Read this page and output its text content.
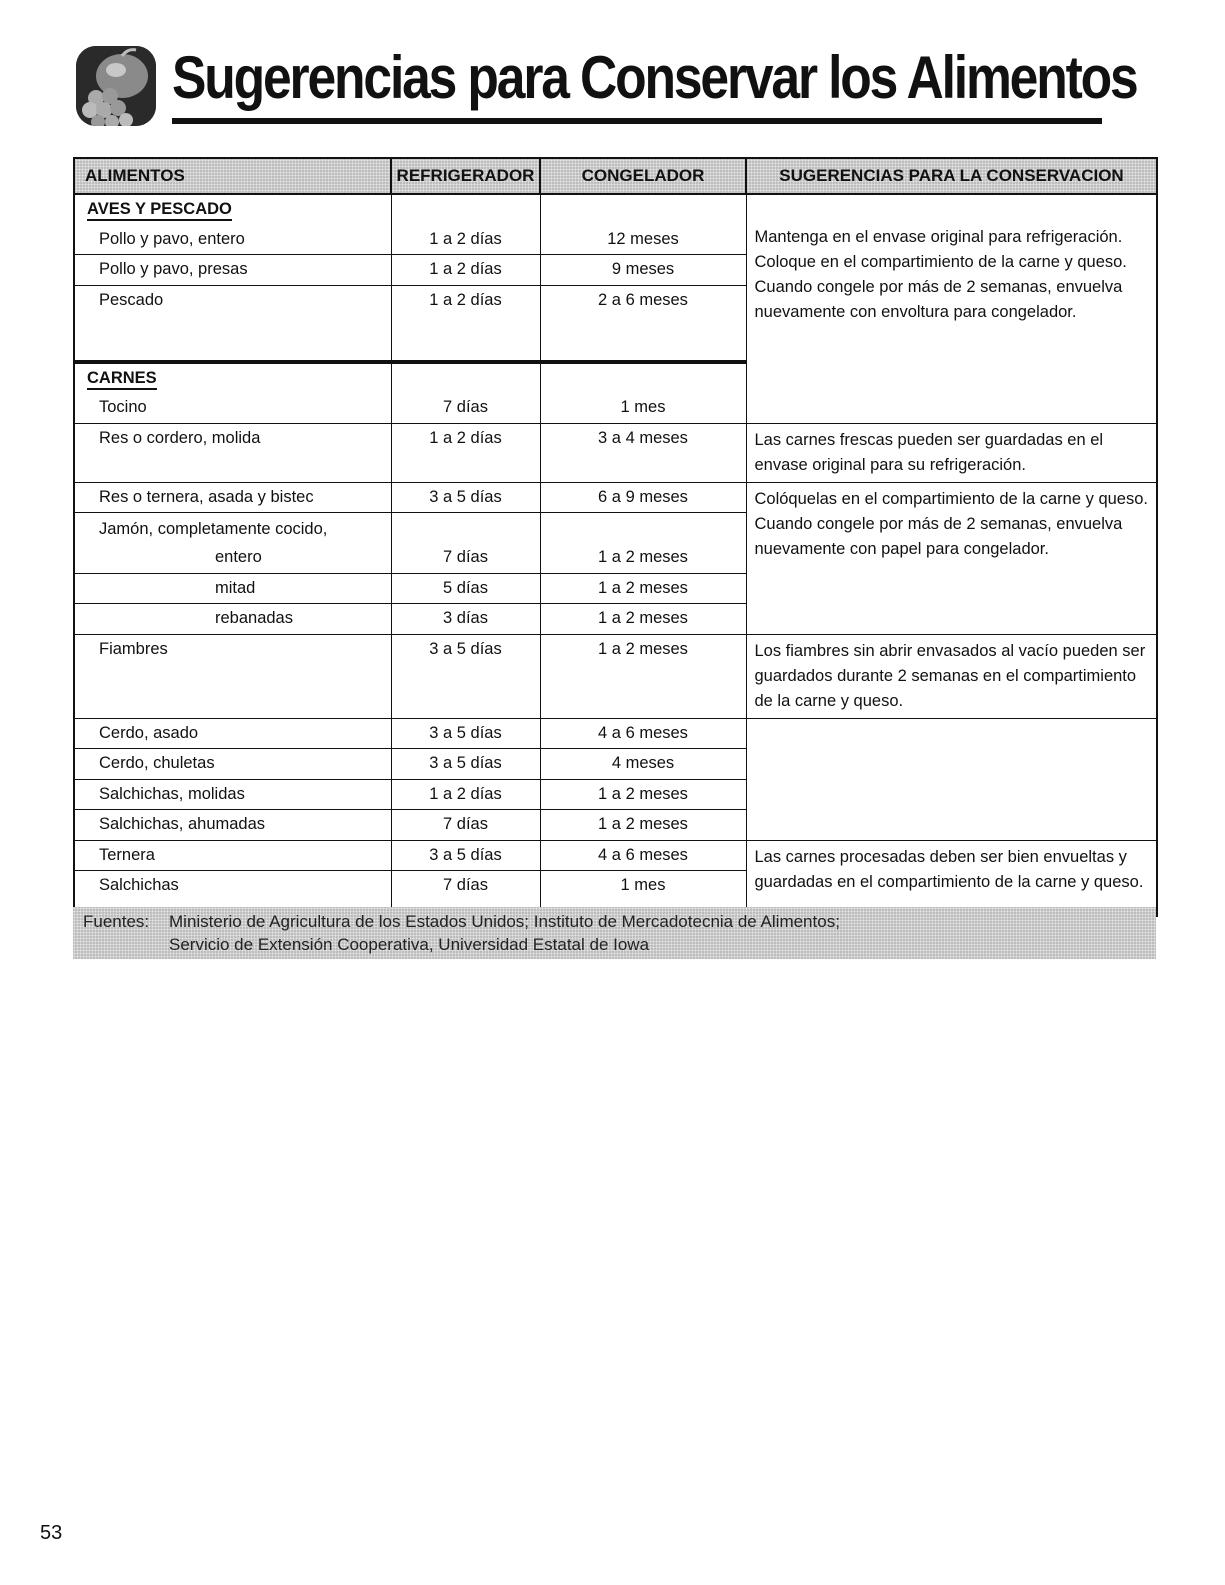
Sugerencias para Conservar los Alimentos
ALIMENTOS	REFRIGERADOR	CONGELADOR	SUGERENCIAS PARA LA CONSERVACION
AVES Y PESCADO			Mantenga en el envase original para refrigeración. Coloque en el compartimiento de la carne y queso. Cuando congele por más de 2 semanas, envuelva nuevamente con envoltura para congelador.
Pollo y pavo, entero	1 a 2 días	12 meses	
Pollo y pavo, presas	1 a 2 días	9 meses	
Pescado	1 a 2 días	2 a 6 meses	
CARNES			
Tocino	7 días	1 mes	
Res o cordero, molida	1 a 2 días	3 a 4 meses	Las carnes frescas pueden ser guardadas en el envase original para su refrigeración.
Res o ternera, asada y bistec	3 a 5 días	6 a 9 meses	Colóquelas en el compartimiento de la carne y queso. Cuando congele por más de 2 semanas, envuelva nuevamente con papel para congelador.
Jamón, completamente cocido,			
entero	7 días	1 a 2 meses	
mitad	5 días	1 a 2 meses	
rebanadas	3 días	1 a 2 meses	
Fiambres	3 a 5 días	1 a 2 meses	Los fiambres sin abrir envasados al vacío pueden ser guardados durante 2 semanas en el compartimiento de la carne y queso.
Cerdo, asado	3 a 5 días	4 a 6 meses	
Cerdo, chuletas	3 a 5 días	4 meses	
Salchichas, molidas	1 a 2 días	1 a 2 meses	
Salchichas, ahumadas	7 días	1 a 2 meses	
Ternera	3 a 5 días	4 a 6 meses	Las carnes procesadas deben ser bien envueltas y guardadas en el compartimiento de la carne y queso.
Salchichas	7 días	1 mes	
Fuentes: Ministerio de Agricultura de los Estados Unidos; Instituto de Mercadotecnia de Alimentos;
Servicio de Extensión Cooperativa, Universidad Estatal de Iowa
53
